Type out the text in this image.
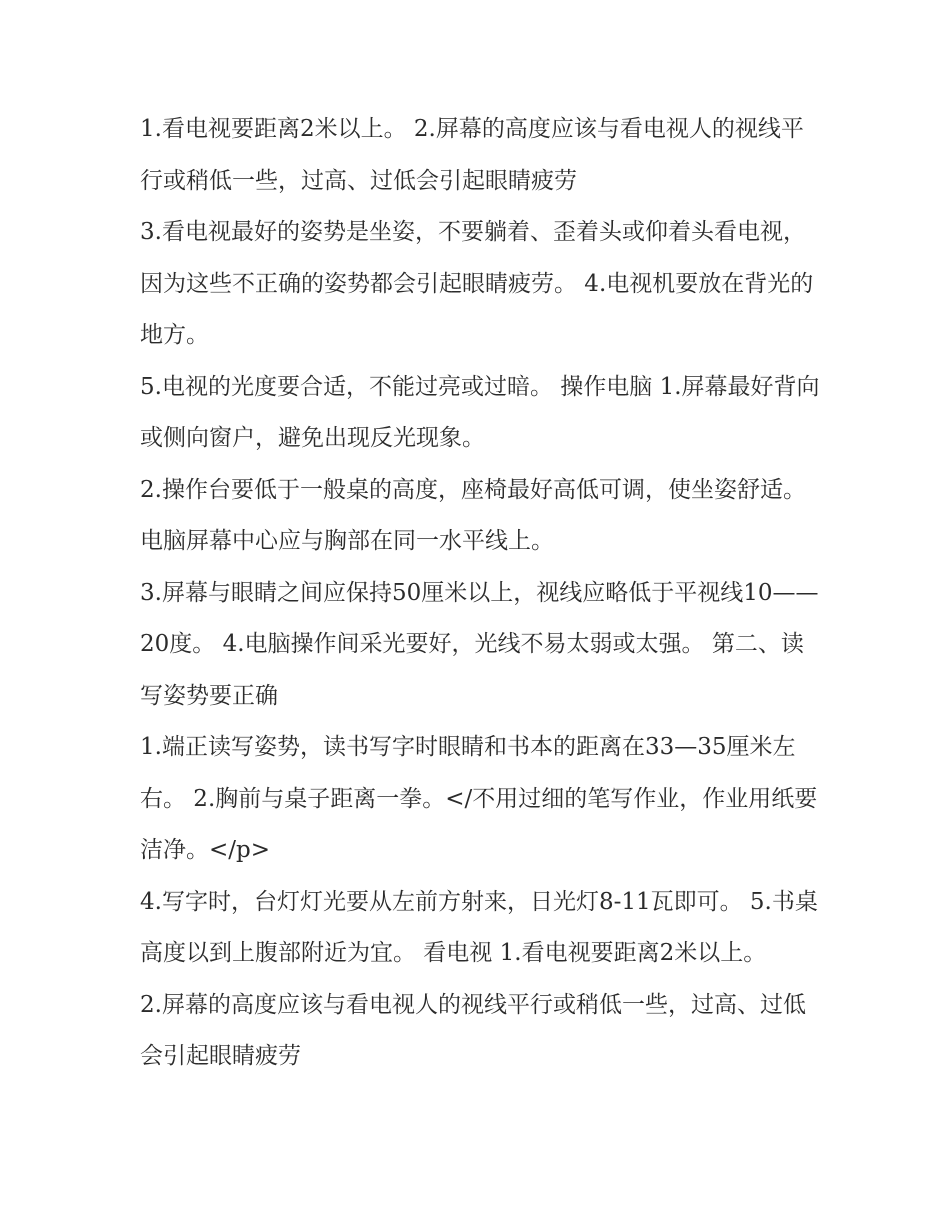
1.看电视要距离2米以上。 2.屏幕的高度应该与看电视人的视线平行或稍低一些，过高、过低会引起眼睛疲劳

3.看电视最好的姿势是坐姿，不要躺着、歪着头或仰着头看电视，因为这些不正确的姿势都会引起眼睛疲劳。 4.电视机要放在背光的地方。

5.电视的光度要合适，不能过亮或过暗。 操作电脑 1.屏幕最好背向或侧向窗户，避免出现反光现象。

2.操作台要低于一般桌的高度，座椅最好高低可调，使坐姿舒适。电脑屏幕中心应与胸部在同一水平线上。

3.屏幕与眼睛之间应保持50厘米以上，视线应略低于平视线10——20度。 4.电脑操作间采光要好，光线不易太弱或太强。 第二、读写姿势要正确

1.端正读写姿势，读书写字时眼睛和书本的距离在33—35厘米左右。 2.胸前与桌子距离一拳。</不用过细的笔写作业，作业用纸要洁净。</p>

4.写字时，台灯灯光要从左前方射来，日光灯8-11瓦即可。 5.书桌高度以到上腹部附近为宜。 看电视 1.看电视要距离2米以上。

2.屏幕的高度应该与看电视人的视线平行或稍低一些，过高、过低会引起眼睛疲劳
